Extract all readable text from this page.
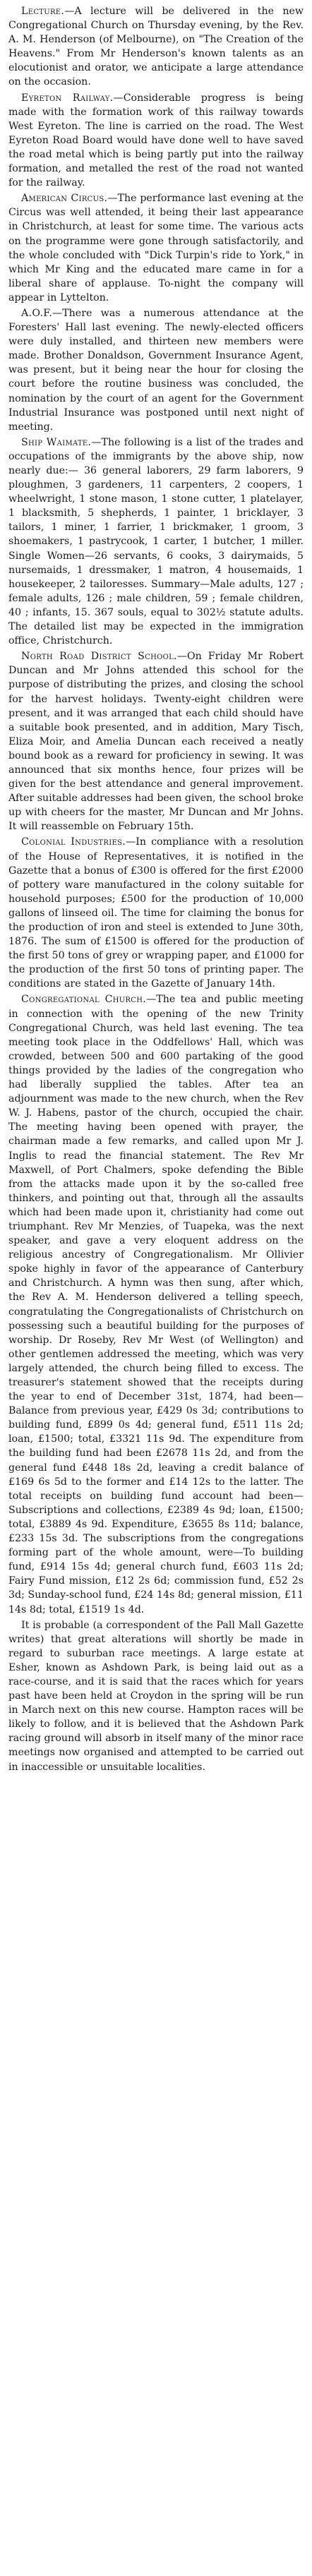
Lecture.—A lecture will be delivered in the new Congregational Church on Thursday evening, by the Rev. A. M. Henderson (of Melbourne), on "The Creation of the Heavens." From Mr Henderson's known talents as an elocutionist and orator, we anticipate a large attendance on the occasion.

Eyreton Railway.—Considerable progress is being made with the formation work of this railway towards West Eyreton. The line is carried on the road. The West Eyreton Road Board would have done well to have saved the road metal which is being partly put into the railway formation, and metalled the rest of the road not wanted for the railway.

American Circus.—The performance last evening at the Circus was well attended, it being their last appearance in Christchurch, at least for some time. The various acts on the programme were gone through satisfactorily, and the whole concluded with "Dick Turpin's ride to York," in which Mr King and the educated mare came in for a liberal share of applause. To-night the company will appear in Lyttelton.

A.O.F.—There was a numerous attendance at the Foresters' Hall last evening. The newly-elected officers were duly installed, and thirteen new members were made. Brother Donaldson, Government Insurance Agent, was present, but it being near the hour for closing the court before the routine business was concluded, the nomination by the court of an agent for the Government Industrial Insurance was postponed until next night of meeting.

Ship Waimate.—The following is a list of the trades and occupations of the immigrants by the above ship, now nearly due:— 36 general laborers, 29 farm laborers, 9 ploughmen, 3 gardeners, 11 carpenters, 2 coopers, 1 wheelwright, 1 stone mason, 1 stone cutter, 1 platelayer, 1 blacksmith, 5 shepherds, 1 painter, 1 bricklayer, 3 tailors, 1 miner, 1 farrier, 1 brickmaker, 1 groom, 3 shoemakers, 1 pastrycook, 1 carter, 1 butcher, 1 miller. Single Women—26 servants, 6 cooks, 3 dairymaids, 5 nursemaids, 1 dressmaker, 1 matron, 4 housemaids, 1 housekeeper, 2 tailoresses. Summary—Male adults, 127 ; female adults, 126 ; male children, 59 ; female children, 40 ; infants, 15. 367 souls, equal to 302½ statute adults. The detailed list may be expected in the immigration office, Christchurch.

North Road District School.—On Friday Mr Robert Duncan and Mr Johns attended this school for the purpose of distributing the prizes, and closing the school for the harvest holidays. Twenty-eight children were present, and it was arranged that each child should have a suitable book presented, and in addition, Mary Tisch, Eliza Moir, and Amelia Duncan each received a neatly bound book as a reward for proficiency in sewing. It was announced that six months hence, four prizes will be given for the best attendance and general improvement. After suitable addresses had been given, the school broke up with cheers for the master, Mr Duncan and Mr Johns. It will reassemble on February 15th.

Colonial Industries.—In compliance with a resolution of the House of Representatives, it is notified in the Gazette that a bonus of £300 is offered for the first £2000 of pottery ware manufactured in the colony suitable for household purposes; £500 for the production of 10,000 gallons of linseed oil. The time for claiming the bonus for the production of iron and steel is extended to June 30th, 1876. The sum of £1500 is offered for the production of the first 50 tons of grey or wrapping paper, and £1000 for the production of the first 50 tons of printing paper. The conditions are stated in the Gazette of January 14th.

Congregational Church.—The tea and public meeting in connection with the opening of the new Trinity Congregational Church, was held last evening. The tea meeting took place in the Oddfellows' Hall, which was crowded, between 500 and 600 partaking of the good things provided by the ladies of the congregation who had liberally supplied the tables. After tea an adjournment was made to the new church, when the Rev W. J. Habens, pastor of the church, occupied the chair. The meeting having been opened with prayer, the chairman made a few remarks, and called upon Mr J. Inglis to read the financial statement. The Rev Mr Maxwell, of Port Chalmers, spoke defending the Bible from the attacks made upon it by the so-called free thinkers, and pointing out that, through all the assaults which had been made upon it, christianity had come out triumphant. Rev Mr Menzies, of Tuapeka, was the next speaker, and gave a very eloquent address on the religious ancestry of Congregationalism. Mr Ollivier spoke highly in favor of the appearance of Canterbury and Christchurch. A hymn was then sung, after which, the Rev A. M. Henderson delivered a telling speech, congratulating the Congregationalists of Christchurch on possessing such a beautiful building for the purposes of worship. Dr Roseby, Rev Mr West (of Wellington) and other gentlemen addressed the meeting, which was very largely attended, the church being filled to excess. The treasurer's statement showed that the receipts during the year to end of December 31st, 1874, had been—Balance from previous year, £429 0s 3d; contributions to building fund, £899 0s 4d; general fund, £511 11s 2d; loan, £1500; total, £3321 11s 9d. The expenditure from the building fund had been £2678 11s 2d, and from the general fund £448 18s 2d, leaving a credit balance of £169 6s 5d to the former and £14 12s to the latter. The total receipts on building fund account had been—Subscriptions and collections, £2389 4s 9d; loan, £1500; total, £3889 4s 9d. Expenditure, £3655 8s 11d; balance, £233 15s 3d. The subscriptions from the congregations forming part of the whole amount, were—To building fund, £914 15s 4d; general church fund, £603 11s 2d; Fairy Fund mission, £12 2s 6d; commission fund, £52 2s 3d; Sunday-school fund, £24 14s 8d; general mission, £11 14s 8d; total, £1519 1s 4d.

It is probable (a correspondent of the Pall Mall Gazette writes) that great alterations will shortly be made in regard to suburban race meetings. A large estate at Esher, known as Ashdown Park, is being laid out as a race-course, and it is said that the races which for years past have been held at Croydon in the spring will be run in March next on this new course. Hampton races will be likely to follow, and it is believed that the Ashdown Park racing ground will absorb in itself many of the minor race meetings now organised and attempted to be carried out in inaccessible or unsuitable localities.
